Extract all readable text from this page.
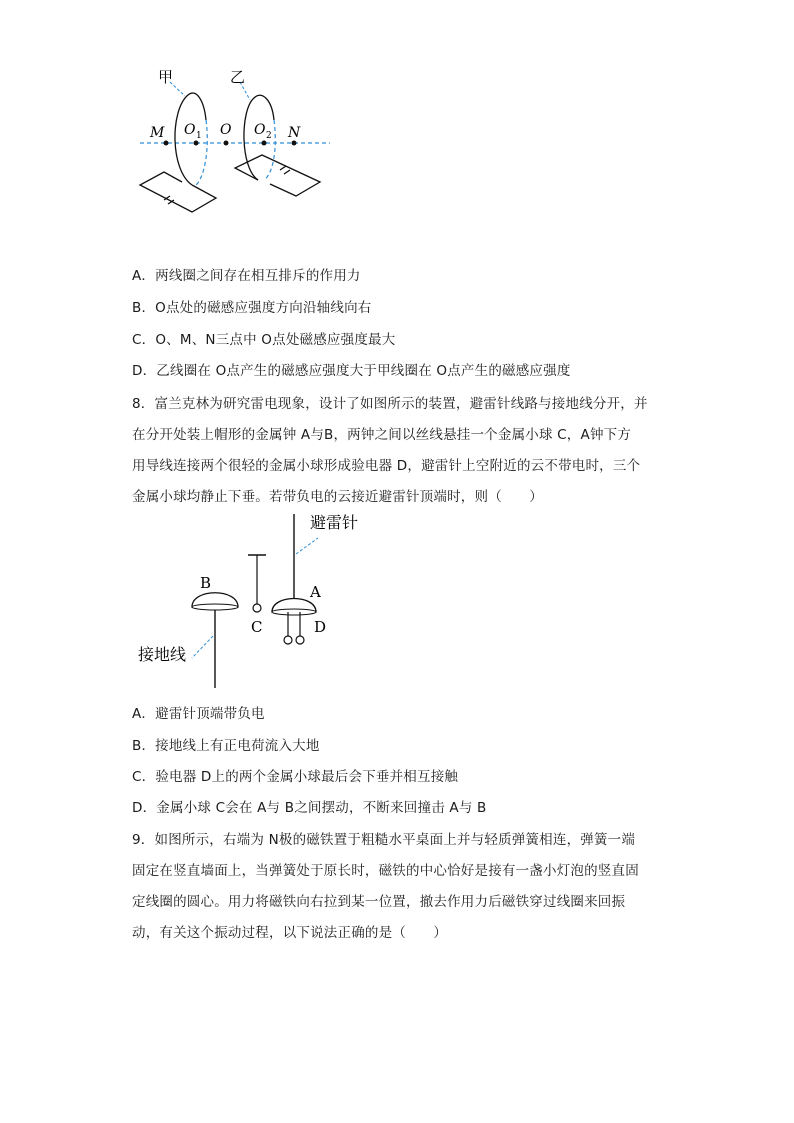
甲	乙
M O 1 O O 2 N
A．两线圈之间存在相互排斥的作用力
B．O点处的磁感应强度方向沿轴线向右
C．O、M、N三点中 O点处磁感应强度最大
D．乙线圈在 O点产生的磁感应强度大于甲线圈在 O点产生的磁感应强度
8．富兰克林为研究雷电现象，设计了如图所示的装置，避雷针线路与接地线分开，并
在分开处装上帽形的金属钟 A与B，两钟之间以丝线悬挂一个金属小球 C，A钟下方
用导线连接两个很轻的金属小球形成验电器 D，避雷针上空附近的云不带电时，三个
金属小球均静止下垂。若带负电的云接近避雷针顶端时，则（　　）
避雷针
A
B
C	D
接地线
A．避雷针顶端带负电
B．接地线上有正电荷流入大地
C．验电器 D上的两个金属小球最后会下垂并相互接触
D．金属小球 C会在 A与 B之间摆动，不断来回撞击 A与 B
9．如图所示，右端为 N极的磁铁置于粗糙水平桌面上并与轻质弹簧相连，弹簧一端
固定在竖直墙面上，当弹簧处于原长时，磁铁的中心恰好是接有一盏小灯泡的竖直固
定线圈的圆心。用力将磁铁向右拉到某一位置，撤去作用力后磁铁穿过线圈来回振
动，有关这个振动过程，以下说法正确的是（　　）
